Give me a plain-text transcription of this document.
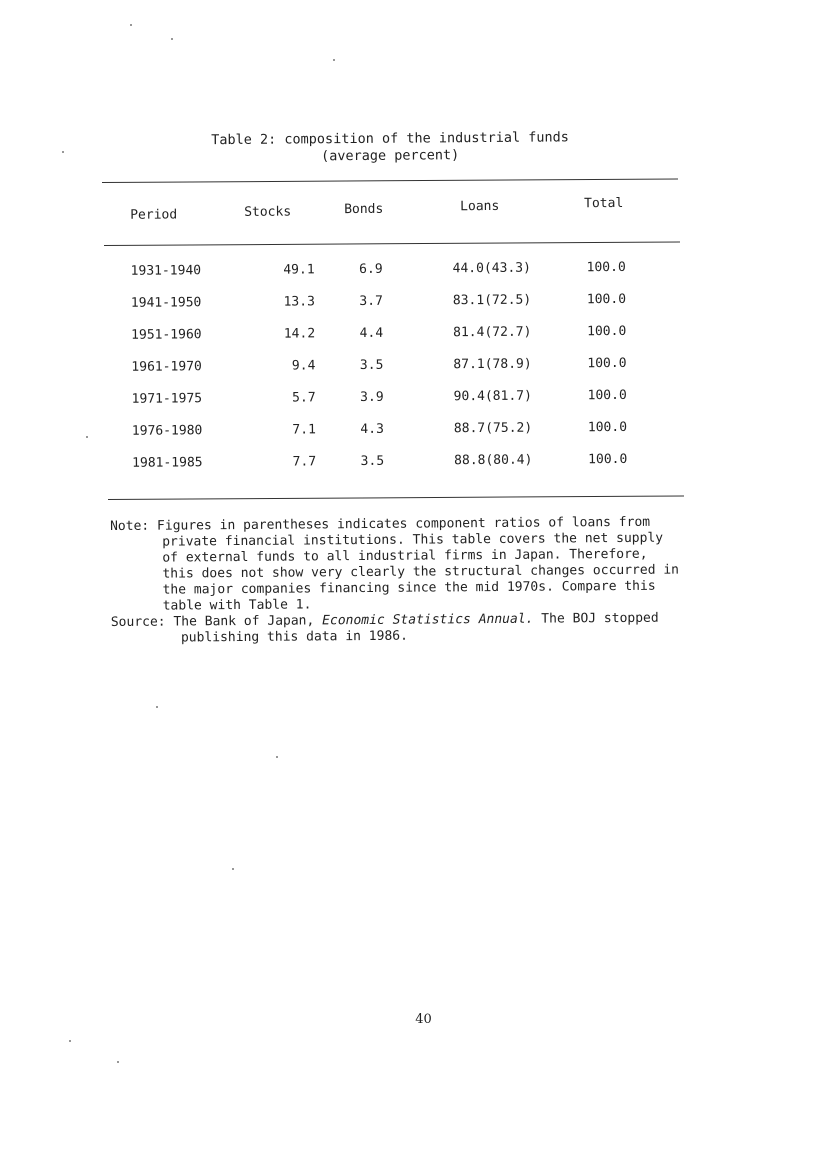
Table 2: composition of the industrial funds
(average percent)
Period	Stocks	Bonds	Loans	Total
1931-1940	49.1	6.9	44.0(43.3)	100.0
1941-1950	13.3	3.7	83.1(72.5)	100.0
1951-1960	14.2	4.4	81.4(72.7)	100.0
1961-1970	9.4	3.5	87.1(78.9)	100.0
1971-1975	5.7	3.9	90.4(81.7)	100.0
1976-1980	7.1	4.3	88.7(75.2)	100.0
1981-1985	7.7	3.5	88.8(80.4)	100.0
Note: Figures in parentheses indicates component ratios of loans from
private financial institutions. This table covers the net supply
of external funds to all industrial firms in Japan. Therefore,
this does not show very clearly the structural changes occurred in
the major companies financing since the mid 1970s. Compare this
table with Table 1.
Source: The Bank of Japan, Economic Statistics Annual. The BOJ stopped
publishing this data in 1986.
40
